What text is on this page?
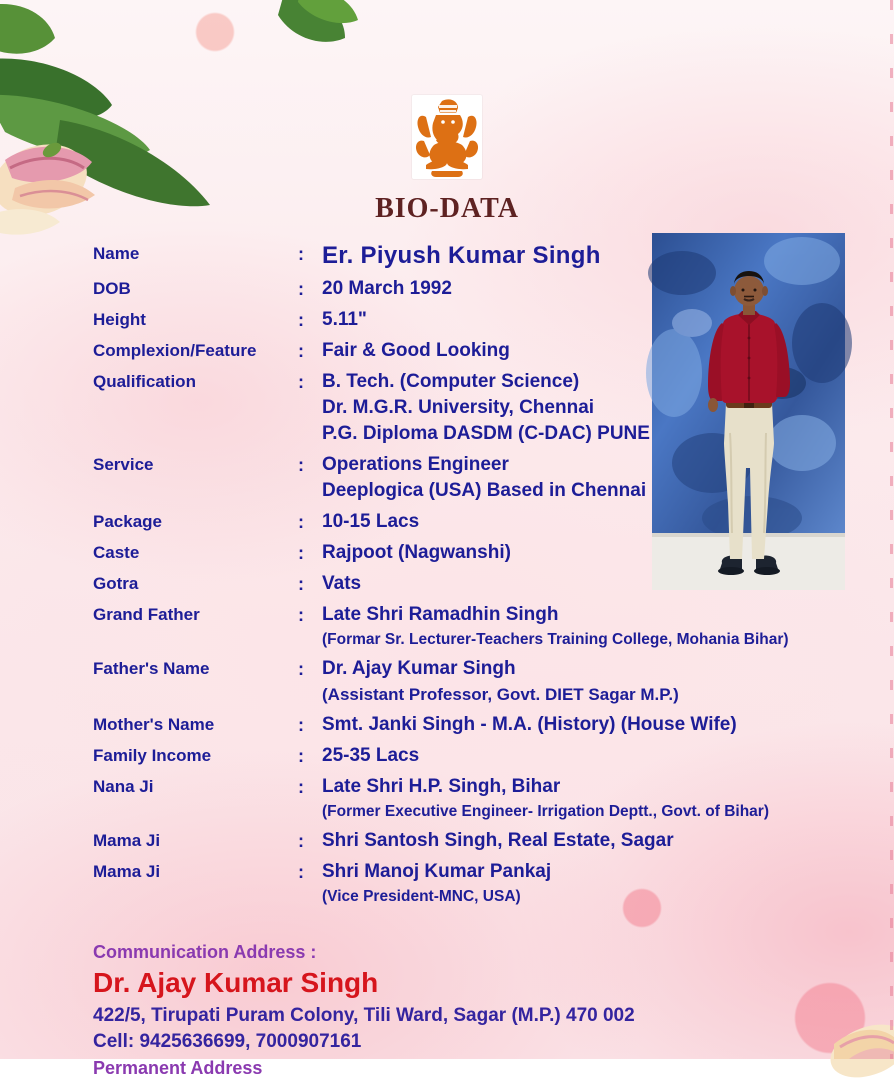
BIO-DATA
Name	: Er. Piyush Kumar Singh
DOB	: 20 March 1992
Height	: 5.11"
Complexion/Feature	: Fair & Good Looking
Qualification	: B. Tech. (Computer Science)
Dr. M.G.R. University, Chennai
P.G. Diploma DASDM (C-DAC) PUNE
Service	: Operations Engineer
Deeplogica (USA) Based in Chennai
Package	: 10-15 Lacs
Caste	: Rajpoot (Nagwanshi)
Gotra	: Vats
Grand Father	: Late Shri Ramadhin Singh
(Formar Sr. Lecturer-Teachers Training College, Mohania Bihar)
Father's Name	: Dr. Ajay Kumar Singh
(Assistant Professor, Govt. DIET Sagar M.P.)
Mother's Name	: Smt. Janki Singh - M.A. (History) (House Wife)
Family Income	: 25-35 Lacs
Nana Ji	: Late Shri H.P. Singh, Bihar
(Former Executive Engineer- Irrigation Deptt., Govt. of Bihar)
Mama Ji	: Shri Santosh Singh, Real Estate, Sagar
Mama Ji	: Shri Manoj Kumar Pankaj
(Vice President-MNC, USA)
Communication Address :
Dr. Ajay Kumar Singh
422/5, Tirupati Puram Colony, Tili Ward, Sagar (M.P.) 470 002
Cell: 9425636699, 7000907161
Permanent Address
